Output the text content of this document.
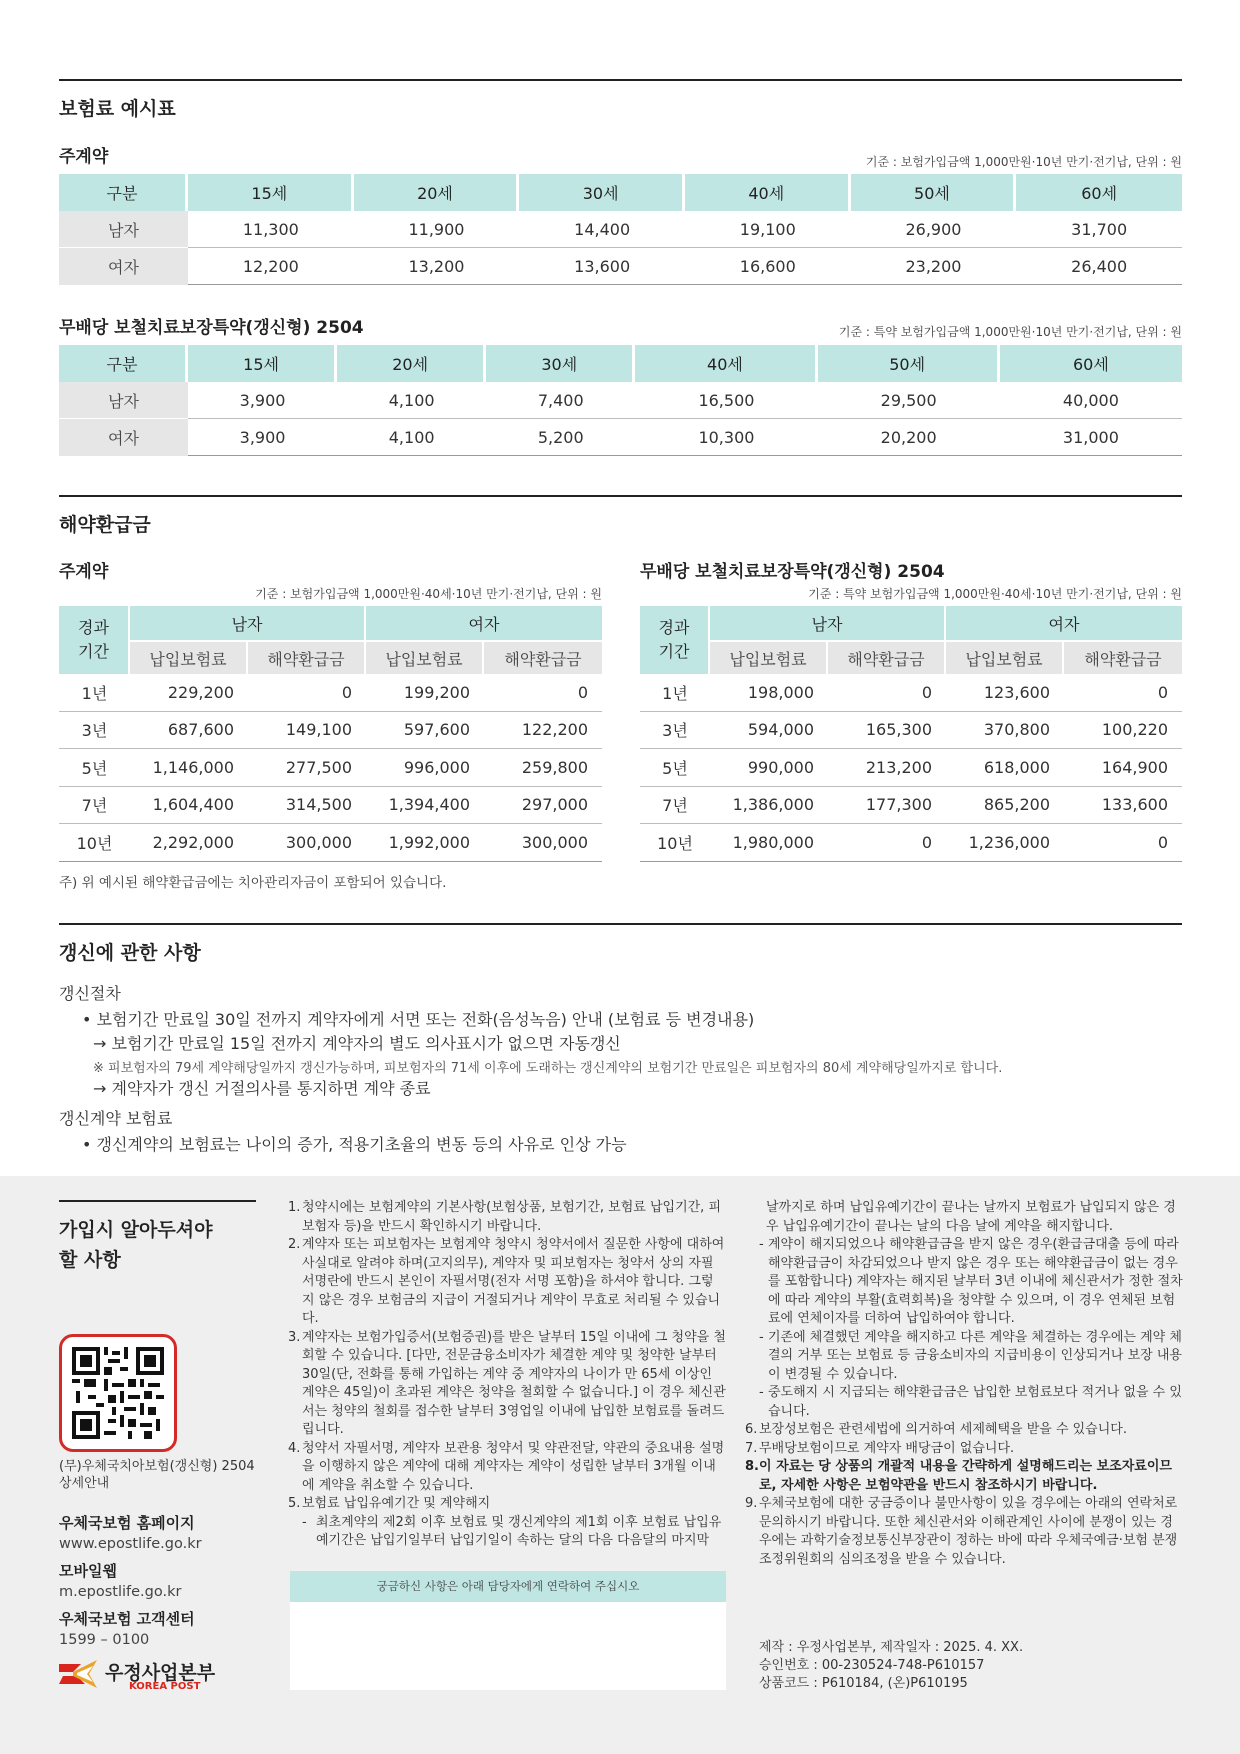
보험료 예시표
주계약	기준 : 보험가입금액 1,000만원·10년 만기·전기납, 단위 : 원
구분	15세	20세	30세	40세	50세	60세
남자	11,300	11,900	14,400	19,100	26,900	31,700
여자	12,200	13,200	13,600	16,600	23,200	26,400
무배당 보철치료보장특약(갱신형) 2504	기준 : 특약 보험가입금액 1,000만원·10년 만기·전기납, 단위 : 원
구분	15세	20세	30세	40세	50세	60세
남자	3,900	4,100	7,400	16,500	29,500	40,000
여자	3,900	4,100	5,200	10,300	20,200	31,000
해약환급금
주계약
기준 : 보험가입금액 1,000만원·40세·10년 만기·전기납, 단위 : 원
경과
기간	남자		여자	
	납입보험료	해약환급금	납입보험료	해약환급금
1년	229,200	0	199,200	0
3년	687,600	149,100	597,600	122,200
5년	1,146,000	277,500	996,000	259,800
7년	1,604,400	314,500	1,394,400	297,000
10년	2,292,000	300,000	1,992,000	300,000
무배당 보철치료보장특약(갱신형) 2504
기준 : 특약 보험가입금액 1,000만원·40세·10년 만기·전기납, 단위 : 원
경과
기간	남자		여자	
	납입보험료	해약환급금	납입보험료	해약환급금
1년	198,000	0	123,600	0
3년	594,000	165,300	370,800	100,220
5년	990,000	213,200	618,000	164,900
7년	1,386,000	177,300	865,200	133,600
10년	1,980,000	0	1,236,000	0
주) 위 예시된 해약환급금에는 치아관리자금이 포함되어 있습니다.
갱신에 관한 사항
갱신절차
• 보험기간 만료일 30일 전까지 계약자에게 서면 또는 전화(음성녹음) 안내 (보험료 등 변경내용)
→ 보험기간 만료일 15일 전까지 계약자의 별도 의사표시가 없으면 자동갱신
※ 피보험자의 79세 계약해당일까지 갱신가능하며, 피보험자의 71세 이후에 도래하는 갱신계약의 보험기간 만료일은 피보험자의 80세 계약해당일까지로 합니다.
→ 계약자가 갱신 거절의사를 통지하면 계약 종료
갱신계약 보험료
• 갱신계약의 보험료는 나이의 증가, 적용기초율의 변동 등의 사유로 인상 가능
가입시 알아두셔야
할 사항
(무)우체국치아보험(갱신형) 2504
상세안내
우체국보험 홈페이지
www.epostlife.go.kr
모바일웹
m.epostlife.go.kr
우체국보험 고객센터
1599 – 0100
우정사업본부
KOREA POST
1. 청약시에는 보험계약의 기본사항(보험상품, 보험기간, 보험료 납입기간, 피보험자 등)을 반드시 확인하시기 바랍니다.
2. 계약자 또는 피보험자는 보험계약 청약시 청약서에서 질문한 사항에 대하여 사실대로 알려야 하며(고지의무), 계약자 및 피보험자는 청약서 상의 자필서명란에 반드시 본인이 자필서명(전자 서명 포함)을 하셔야 합니다. 그렇지 않은 경우 보험금의 지급이 거절되거나 계약이 무효로 처리될 수 있습니다.
3. 계약자는 보험가입증서(보험증권)를 받은 날부터 15일 이내에 그 청약을 철회할 수 있습니다. [다만, 전문금융소비자가 체결한 계약 및 청약한 날부터 30일(단, 전화를 통해 가입하는 계약 중 계약자의 나이가 만 65세 이상인 계약은 45일)이 초과된 계약은 청약을 철회할 수 없습니다.] 이 경우 체신관서는 청약의 철회를 접수한 날부터 3영업일 이내에 납입한 보험료를 돌려드립니다.
4. 청약서 자필서명, 계약자 보관용 청약서 및 약관전달, 약관의 중요내용 설명을 이행하지 않은 계약에 대해 계약자는 계약이 성립한 날부터 3개월 이내에 계약을 취소할 수 있습니다.
5. 보험료 납입유예기간 및 계약해지
- 최초계약의 제2회 이후 보험료 및 갱신계약의 제1회 이후 보험료 납입유예기간은 납입기일부터 납입기일이 속하는 달의 다음 다음달의 마지막
궁금하신 사항은 아래 담당자에게 연락하여 주십시오
날까지로 하며 납입유예기간이 끝나는 날까지 보험료가 납입되지 않은 경우 납입유예기간이 끝나는 날의 다음 날에 계약을 해지합니다.
- 계약이 해지되었으나 해약환급금을 받지 않은 경우(환급금대출 등에 따라 해약환급금이 차감되었으나 받지 않은 경우 또는 해약환급금이 없는 경우를 포함합니다) 계약자는 해지된 날부터 3년 이내에 체신관서가 정한 절차에 따라 계약의 부활(효력회복)을 청약할 수 있으며, 이 경우 연체된 보험료에 연체이자를 더하여 납입하여야 합니다.
- 기존에 체결했던 계약을 해지하고 다른 계약을 체결하는 경우에는 계약 체결의 거부 또는 보험료 등 금융소비자의 지급비용이 인상되거나 보장 내용이 변경될 수 있습니다.
- 중도해지 시 지급되는 해약환급금은 납입한 보험료보다 적거나 없을 수 있습니다.
6. 보장성보험은 관련세법에 의거하여 세제혜택을 받을 수 있습니다.
7. 무배당보험이므로 계약자 배당금이 없습니다.
8. 이 자료는 당 상품의 개괄적 내용을 간략하게 설명해드리는 보조자료이므로, 자세한 사항은 보험약관을 반드시 참조하시기 바랍니다.
9. 우체국보험에 대한 궁금증이나 불만사항이 있을 경우에는 아래의 연락처로 문의하시기 바랍니다. 또한 체신관서와 이해관계인 사이에 분쟁이 있는 경우에는 과학기술정보통신부장관이 정하는 바에 따라 우체국예금·보험 분쟁조정위원회의 심의조정을 받을 수 있습니다.
제작 : 우정사업본부, 제작일자 : 2025. 4. XX.
승인번호 : 00-230524-748-P610157
상품코드 : P610184, (온)P610195
